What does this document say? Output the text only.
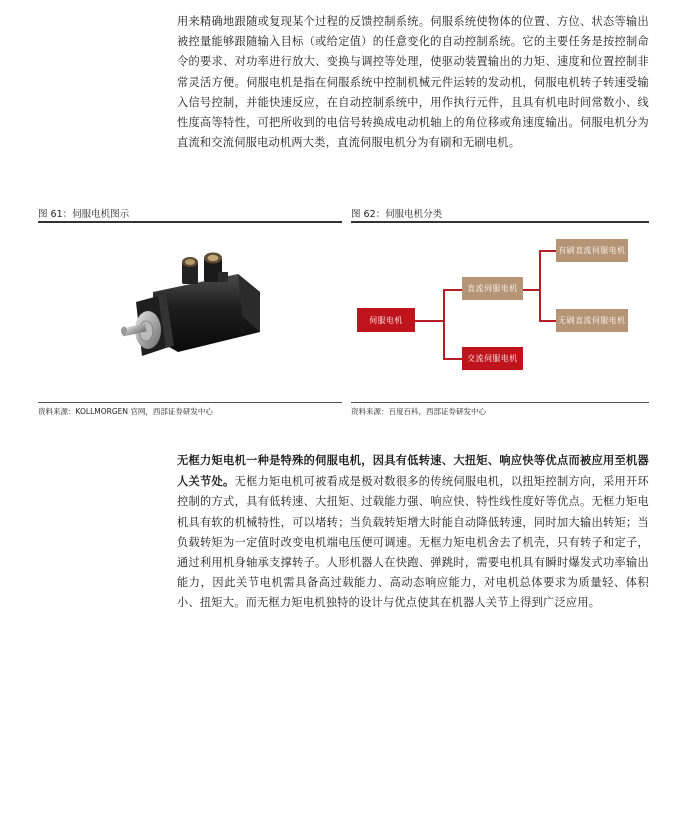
用来精确地跟随或复现某个过程的反馈控制系统。伺服系统使物体的位置、方位、状态等输出被控量能够跟随输入目标（或给定值）的任意变化的自动控制系统。它的主要任务是按控制命令的要求、对功率进行放大、变换与调控等处理，使驱动装置输出的力矩、速度和位置控制非常灵活方便。伺服电机是指在伺服系统中控制机械元件运转的发动机，伺服电机转子转速受输入信号控制，并能快速反应，在自动控制系统中，用作执行元件，且具有机电时间常数小、线性度高等特性，可把所收到的电信号转换成电动机轴上的角位移或角速度输出。伺服电机分为直流和交流伺服电动机两大类，直流伺服电机分为有刷和无刷电机。

图 61：伺服电机图示

资料来源：KOLLMORGEN 官网，西部证券研发中心

图 62：伺服电机分类

伺服电机
直流伺服电机
交流伺服电机
有刷直流伺服电机
无刷直流伺服电机

资料来源：百度百科，西部证券研发中心

无框力矩电机一种是特殊的伺服电机，因具有低转速、大扭矩、响应快等优点而被应用至机器人关节处。无框力矩电机可被看成是极对数很多的传统伺服电机，以扭矩控制方向，采用开环控制的方式，具有低转速、大扭矩、过载能力强、响应快、特性线性度好等优点。无框力矩电机具有软的机械特性，可以堵转；当负载转矩增大时能自动降低转速，同时加大输出转矩；当负载转矩为一定值时改变电机端电压便可调速。无框力矩电机舍去了机壳，只有转子和定子，通过利用机身轴承支撑转子。人形机器人在快跑、弹跳时，需要电机具有瞬时爆发式功率输出能力，因此关节电机需具备高过载能力、高动态响应能力，对电机总体要求为质量轻、体积小、扭矩大。而无框力矩电机独特的设计与优点使其在机器人关节上得到广泛应用。
